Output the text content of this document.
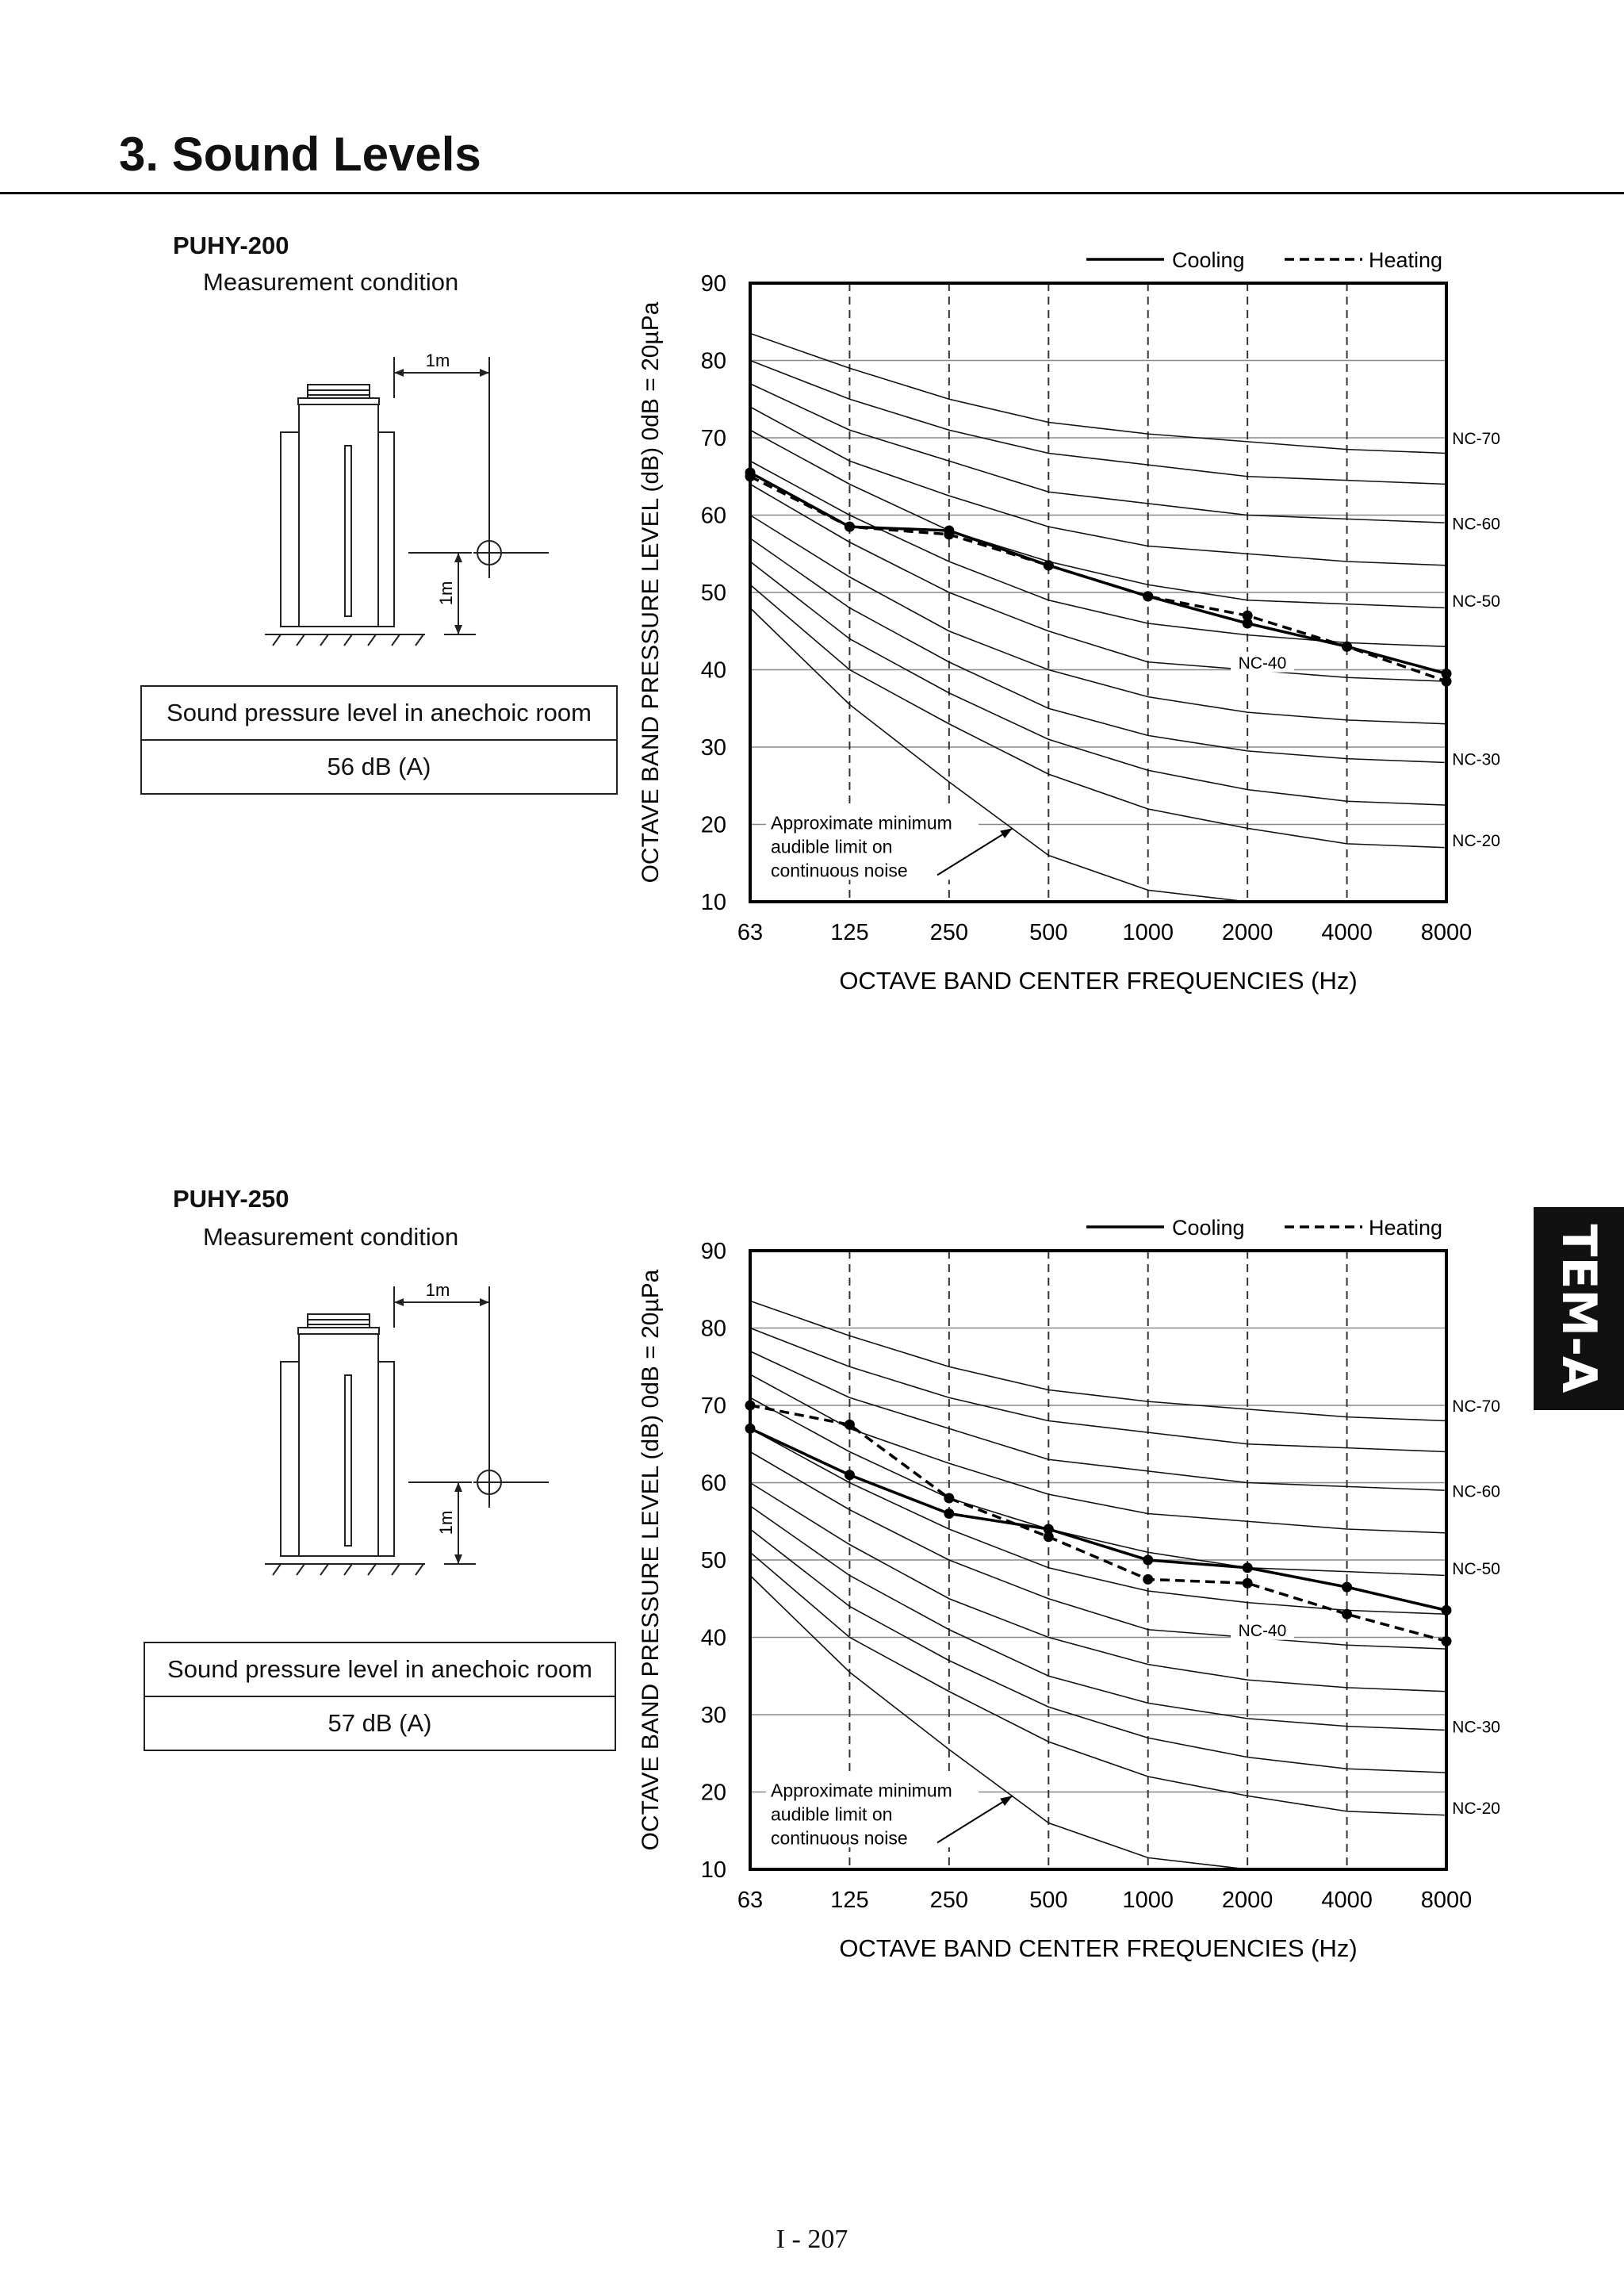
3. Sound Levels
PUHY-200
Measurement condition
1m
1m
Sound pressure level in anechoic room
56 dB (A)
90
80
70
60
50
40
30
20
10
63	125	250	500 1000 2000 4000 8000
NC-70
NC-60
NC-50
NC-40
NC-30
NC-20
Cooling	Heating
OCTAVE BAND PRESSURE LEVEL (dB) 0dB = 20µPa
OCTAVE BAND CENTER FREQUENCIES (Hz)
Approximate minimum
audible limit on
continuous noise
PUHY-250
Measurement condition
1m
1m
Sound pressure level in anechoic room
57 dB (A)
90
80
70
60
50
40
30
20
10
63	125	250	500 1000 2000 4000 8000
NC-70
NC-60
NC-50
NC-40
NC-30
NC-20
Cooling	Heating
OCTAVE BAND PRESSURE LEVEL (dB) 0dB = 20µPa
OCTAVE BAND CENTER FREQUENCIES (Hz)
Approximate minimum
audible limit on
continuous noise
TEM-A
I - 207
